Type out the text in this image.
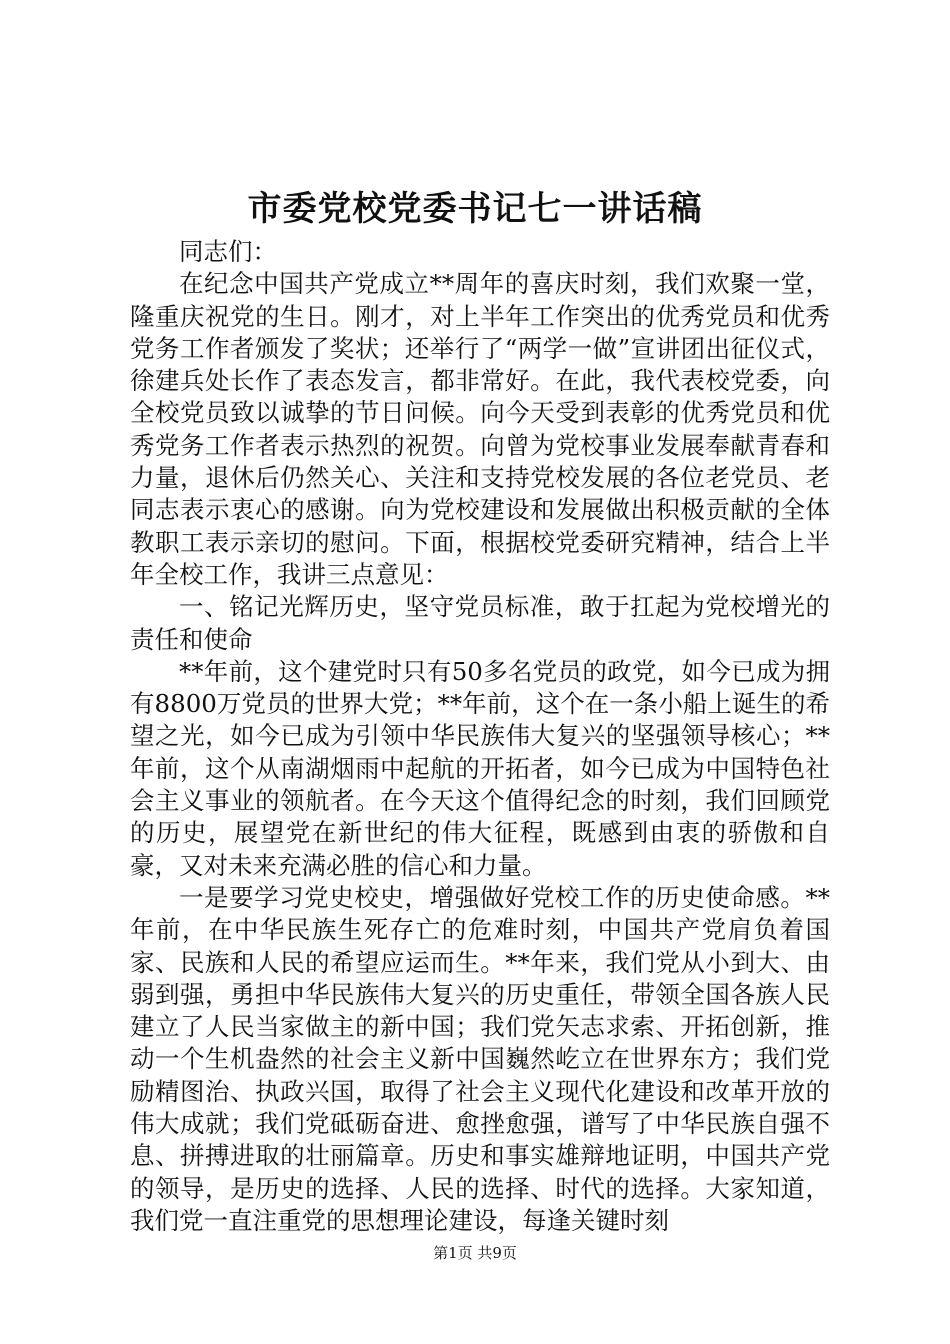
市委党校党委书记七一讲话稿

同志们：

在纪念中国共产党成立**周年的喜庆时刻，我们欢聚一堂，隆重庆祝党的生日。刚才，对上半年工作突出的优秀党员和优秀党务工作者颁发了奖状；还举行了“两学一做”宣讲团出征仪式，徐建兵处长作了表态发言，都非常好。在此，我代表校党委，向全校党员致以诚挚的节日问候。向今天受到表彰的优秀党员和优秀党务工作者表示热烈的祝贺。向曾为党校事业发展奉献青春和力量，退休后仍然关心、关注和支持党校发展的各位老党员、老同志表示衷心的感谢。向为党校建设和发展做出积极贡献的全体教职工表示亲切的慰问。下面，根据校党委研究精神，结合上半年全校工作，我讲三点意见：

一、铭记光辉历史，坚守党员标准，敢于扛起为党校增光的责任和使命

**年前，这个建党时只有50多名党员的政党，如今已成为拥有8800万党员的世界大党；**年前，这个在一条小船上诞生的希望之光，如今已成为引领中华民族伟大复兴的坚强领导核心；**年前，这个从南湖烟雨中起航的开拓者，如今已成为中国特色社会主义事业的领航者。在今天这个值得纪念的时刻，我们回顾党的历史，展望党在新世纪的伟大征程，既感到由衷的骄傲和自豪，又对未来充满必胜的信心和力量。

一是要学习党史校史，增强做好党校工作的历史使命感。**年前，在中华民族生死存亡的危难时刻，中国共产党肩负着国家、民族和人民的希望应运而生。**年来，我们党从小到大、由弱到强，勇担中华民族伟大复兴的历史重任，带领全国各族人民建立了人民当家做主的新中国；我们党矢志求索、开拓创新，推动一个生机盎然的社会主义新中国巍然屹立在世界东方；我们党励精图治、执政兴国，取得了社会主义现代化建设和改革开放的伟大成就；我们党砥砺奋进、愈挫愈强，谱写了中华民族自强不息、拼搏进取的壮丽篇章。历史和事实雄辩地证明，中国共产党的领导，是历史的选择、人民的选择、时代的选择。大家知道，我们党一直注重党的思想理论建设，每逢关键时刻

第1页 共9页
